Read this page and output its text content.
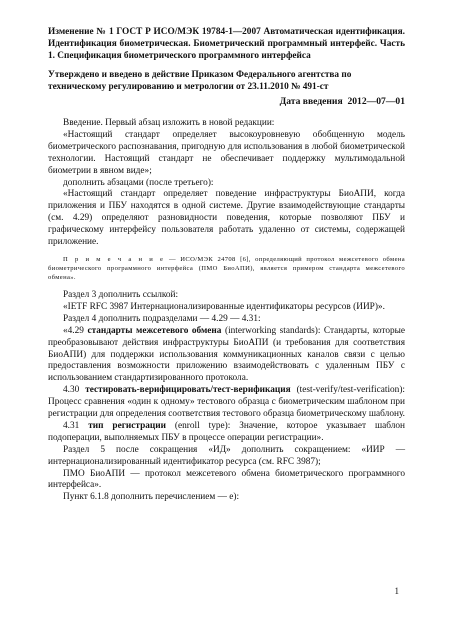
Изменение № 1 ГОСТ Р ИСО/МЭК 19784-1—2007 Автоматическая идентификация. Идентификация биометрическая. Биометрический программный интерфейс. Часть 1. Спецификация биометрического программного интерфейса

Утверждено и введено в действие Приказом Федерального агентства по техническому регулированию и метрологии от 23.11.2010 № 491-ст

Дата введения 2012—07—01

Введение. Первый абзац изложить в новой редакции:

«Настоящий стандарт определяет высокоуровневую обобщенную модель биометрического распознавания, пригодную для использования в любой биометрической технологии. Настоящий стандарт не обеспечивает поддержку мультимодальной биометрии в явном виде»;

дополнить абзацами (после третьего):

«Настоящий стандарт определяет поведение инфраструктуры БиоАПИ, когда приложения и ПБУ находятся в одной системе. Другие взаимодействующие стандарты (см. 4.29) определяют разновидности поведения, которые позволяют ПБУ и графическому интерфейсу пользователя работать удаленно от системы, содержащей приложение.

П р и м е ч а н и е — ИСО/МЭК 24708 [6], определяющий протокол межсетевого обмена биометрического программного интерфейса (ПМО БиоАПИ), является примером стандарта межсетевого обмена».

Раздел 3 дополнить ссылкой:

«IETF RFC 3987 Интернационализированные идентификаторы ресурсов (ИИР)».

Раздел 4 дополнить подразделами — 4.29 — 4.31:

«4.29 стандарты межсетевого обмена (interworking standards): Стандарты, которые преобразовывают действия инфраструктуры БиоАПИ (и требования для соответствия БиоАПИ) для поддержки использования коммуникационных каналов связи с целью предоставления возможности приложению взаимодействовать с удаленным ПБУ с использованием стандартизированного протокола.

4.30 тестировать-верифицировать/тест-верификация (test-verify/test-verification): Процесс сравнения «один к одному» тестового образца с биометрическим шаблоном при регистрации для определения соответствия тестового образца биометрическому шаблону.

4.31 тип регистрации (enroll type): Значение, которое указывает шаблон подоперации, выполняемых ПБУ в процессе операции регистрации».

Раздел 5 после сокращения «ИД» дополнить сокращением: «ИИР — интернационализированный идентификатор ресурса (см. RFC 3987);

ПМО БиоАПИ — протокол межсетевого обмена биометрического программного интерфейса».

Пункт 6.1.8 дополнить перечислением — е):

1
